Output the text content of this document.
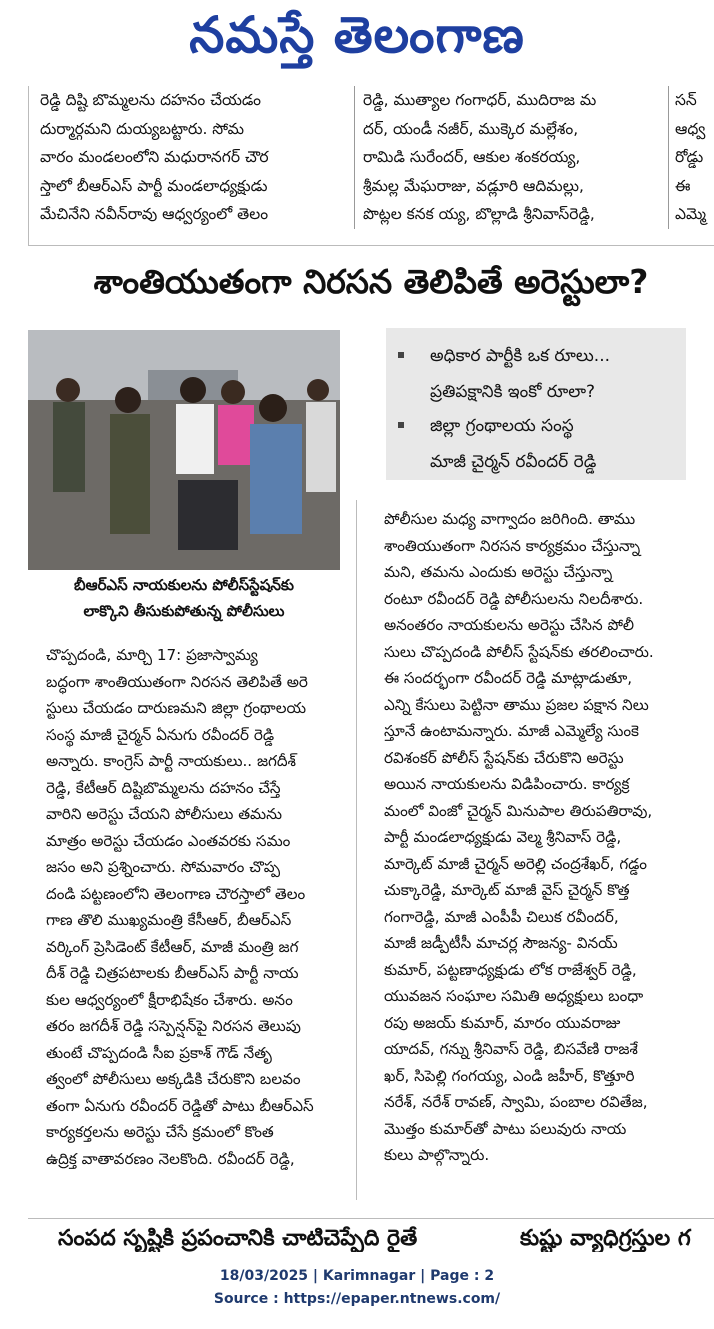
నమస్తే తెలంగాణ
రెడ్డి దిష్టి బొమ్మలను దహనం చేయడం
దుర్మార్గమని దుయ్యబట్టారు. సోమ
వారం మండలంలోని మధురానగర్ చౌర
స్తాలో బీఆర్ఎస్ పార్టీ మండలాధ్యక్షుడు
మేచినేని నవీన్‌రావు ఆధ్వర్యంలో తెలం
రెడ్డి, ముత్యాల గంగాధర్, ముదిరాజ మ
దర్, యండీ నజీర్, ముక్కెర మల్లేశం,
రామిడి సురేందర్, ఆకుల శంకరయ్య,
శ్రీమల్ల మేఘరాజు, వడ్లూరి ఆదిమల్లు,
పొట్లల కనక య్య, బొల్లాడి శ్రీనివాస్‌రెడ్డి,
సన్
ఆధ్వ
రోడ్డు
ఈ
ఎమ్మె
శాంతియుతంగా నిరసన తెలిపితే అరెస్టులా?
బీఆర్ఎస్ నాయకులను పోలీస్‌స్టేషన్‌కు
లాక్కొని తీసుకుపోతున్న పోలీసులు
అధికార పార్టీకి ఒక రూలు...
ప్రతిపక్షానికి ఇంకో రూలా?
జిల్లా గ్రంథాలయ సంస్థ
మాజీ చైర్మన్ రవీందర్ రెడ్డి
పోలీసుల మధ్య వాగ్వాదం జరిగింది. తాము
శాంతియుతంగా నిరసన కార్యక్రమం చేస్తున్నా
మని, తమను ఎందుకు అరెస్టు చేస్తున్నా
రంటూ రవీందర్ రెడ్డి పోలీసులను నిలదీశారు.
అనంతరం నాయకులను అరెస్టు చేసిన పోలీ
సులు చొప్పదండి పోలీస్ స్టేషన్‌కు తరలించారు.
ఈ సందర్భంగా రవీందర్ రెడ్డి మాట్లాడుతూ,
ఎన్ని కేసులు పెట్టినా తాము ప్రజల పక్షాన నిలు
స్తూనే ఉంటామన్నారు. మాజీ ఎమ్మెల్యే సుంకె
రవిశంకర్ పోలీస్ స్టేషన్‌కు చేరుకొని అరెస్టు
అయిన నాయకులను విడిపించారు. కార్యక్ర
మంలో వింజో చైర్మన్ మినుపాల తిరుపతిరావు,
పార్టీ మండలాధ్యక్షుడు వెల్మ శ్రీనివాస్ రెడ్డి,
మార్కెట్ మాజీ చైర్మన్ అరెల్లి చంద్రశేఖర్, గడ్డం
చుక్కారెడ్డి, మార్కెట్ మాజీ వైస్ చైర్మన్ కొత్త
గంగారెడ్డి, మాజీ ఎంపీపీ చిలుక రవీందర్,
మాజీ జడ్పీటీసీ మాచర్ల సౌజన్య- వినయ్
కుమార్, పట్టణాధ్యక్షుడు లోక రాజేశ్వర్ రెడ్డి,
యువజన సంఘాల సమితి అధ్యక్షులు బంధా
రపు అజయ్ కుమార్, మారం యువరాజు
యాదవ్, గన్ను శ్రీనివాస్ రెడ్డి, బిసవేణి రాజశే
ఖర్, సిపెల్లి గంగయ్య, ఎండి జహీర్, కొత్తూరి
నరేశ్, నరేశ్ రావణ్, స్వామి, పంబాల రవితేజ,
మొత్తం కుమార్‌తో పాటు పలువురు నాయ
కులు పాల్గొన్నారు.
చొప్పదండి, మార్చి 17: ప్రజాస్వామ్య
బద్ధంగా శాంతియుతంగా నిరసన తెలిపితే అరె
స్టులు చేయడం దారుణమని జిల్లా గ్రంథాలయ
సంస్థ మాజీ చైర్మన్ ఏనుగు రవీందర్ రెడ్డి
అన్నారు. కాంగ్రెస్ పార్టీ నాయకులు.. జగదీశ్
రెడ్డి, కేటీఆర్ దిష్టిబొమ్మలను దహనం చేస్తే
వారిని అరెస్టు చేయని పోలీసులు తమను
మాత్రం అరెస్టు చేయడం ఎంతవరకు సమం
జసం అని ప్రశ్నించారు. సోమవారం చొప్ప
దండి పట్టణంలోని తెలంగాణ చౌరస్తాలో తెలం
గాణ తొలి ముఖ్యమంత్రి కేసీఆర్, బీఆర్ఎస్
వర్కింగ్ ప్రెసిడెంట్ కేటీఆర్, మాజీ మంత్రి జగ
దీశ్ రెడ్డి చిత్రపటాలకు బీఆర్ఎస్ పార్టీ నాయ
కుల ఆధ్వర్యంలో క్షీరాభిషేకం చేశారు. అనం
తరం జగదీశ్ రెడ్డి సస్పెన్షన్‌పై నిరసన తెలుపు
తుంటే చొప్పదండి సీఐ ప్రకాశ్ గౌడ్ నేతృ
త్వంలో పోలీసులు అక్కడికి చేరుకొని బలవం
తంగా ఏనుగు రవీందర్ రెడ్డితో పాటు బీఆర్ఎస్
కార్యకర్తలను అరెస్టు చేసే క్రమంలో కొంత
ఉద్రిక్త వాతావరణం నెలకొంది. రవీందర్ రెడ్డి,
సంపద సృష్టికి ప్రపంచానికి చాటిచెప్పేది రైతే	కుష్టు వ్యాధిగ్రస్తుల గ
18/03/2025 | Karimnagar | Page : 2
Source : https://epaper.ntnews.com/
